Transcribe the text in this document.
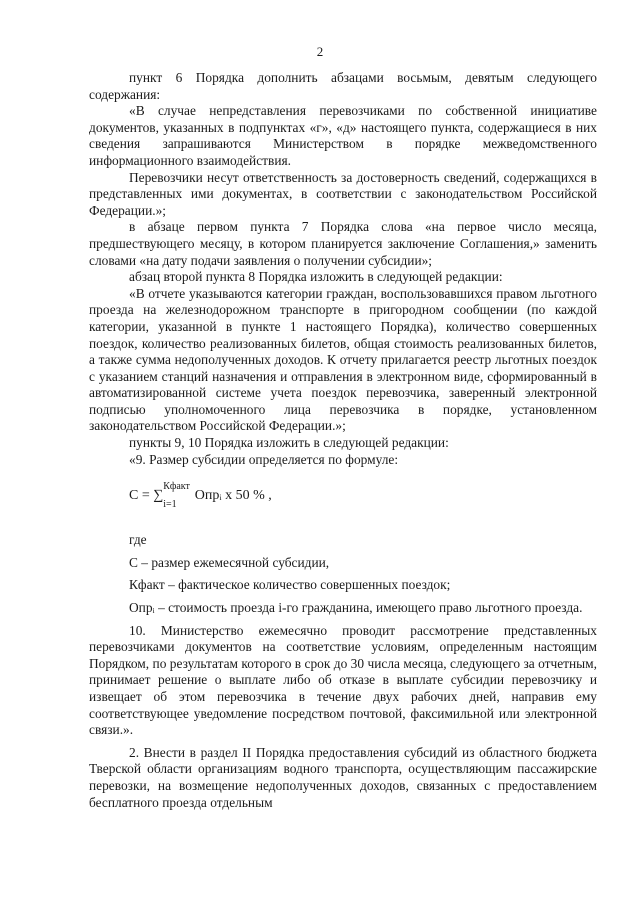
2

пункт 6 Порядка дополнить абзацами восьмым, девятым следующего содержания:

«В случае непредставления перевозчиками по собственной инициативе документов, указанных в подпунктах «г», «д» настоящего пункта, содержащиеся в них сведения запрашиваются Министерством в порядке межведомственного информационного взаимодействия.

Перевозчики несут ответственность за достоверность сведений, содержащихся в представленных ими документах, в соответствии с законодательством Российской Федерации.»;

в абзаце первом пункта 7 Порядка слова «на первое число месяца, предшествующего месяцу, в котором планируется заключение Соглашения,» заменить словами «на дату подачи заявления о получении субсидии»;

абзац второй пункта 8 Порядка изложить в следующей редакции:

«В отчете указываются категории граждан, воспользовавшихся правом льготного проезда на железнодорожном транспорте в пригородном сообщении (по каждой категории, указанной в пункте 1 настоящего Порядка), количество совершенных поездок, количество реализованных билетов, общая стоимость реализованных билетов, а также сумма недополученных доходов. К отчету прилагается реестр льготных поездок с указанием станций назначения и отправления в электронном виде, сформированный в автоматизированной системе учета поездок перевозчика, заверенный электронной подписью уполномоченного лица перевозчика в порядке, установленном законодательством Российской Федерации.»;

пункты 9, 10 Порядка изложить в следующей редакции:

«9. Размер субсидии определяется по формуле:

С = ∑
Кфакт
i=1
Опрᵢ x 50 % ,

где

С – размер ежемесячной субсидии,

Кфакт – фактическое количество совершенных поездок;

Опрᵢ – стоимость проезда i-го гражданина, имеющего право льготного проезда.

10. Министерство ежемесячно проводит рассмотрение представленных перевозчиками документов на соответствие условиям, определенным настоящим Порядком, по результатам которого в срок до 30 числа месяца, следующего за отчетным, принимает решение о выплате либо об отказе в выплате субсидии перевозчику и извещает об этом перевозчика в течение двух рабочих дней, направив ему соответствующее уведомление посредством почтовой, факсимильной или электронной связи.».

2. Внести в раздел II Порядка предоставления субсидий из областного бюджета Тверской области организациям водного транспорта, осуществляющим пассажирские перевозки, на возмещение недополученных доходов, связанных с предоставлением бесплатного проезда отдельным
